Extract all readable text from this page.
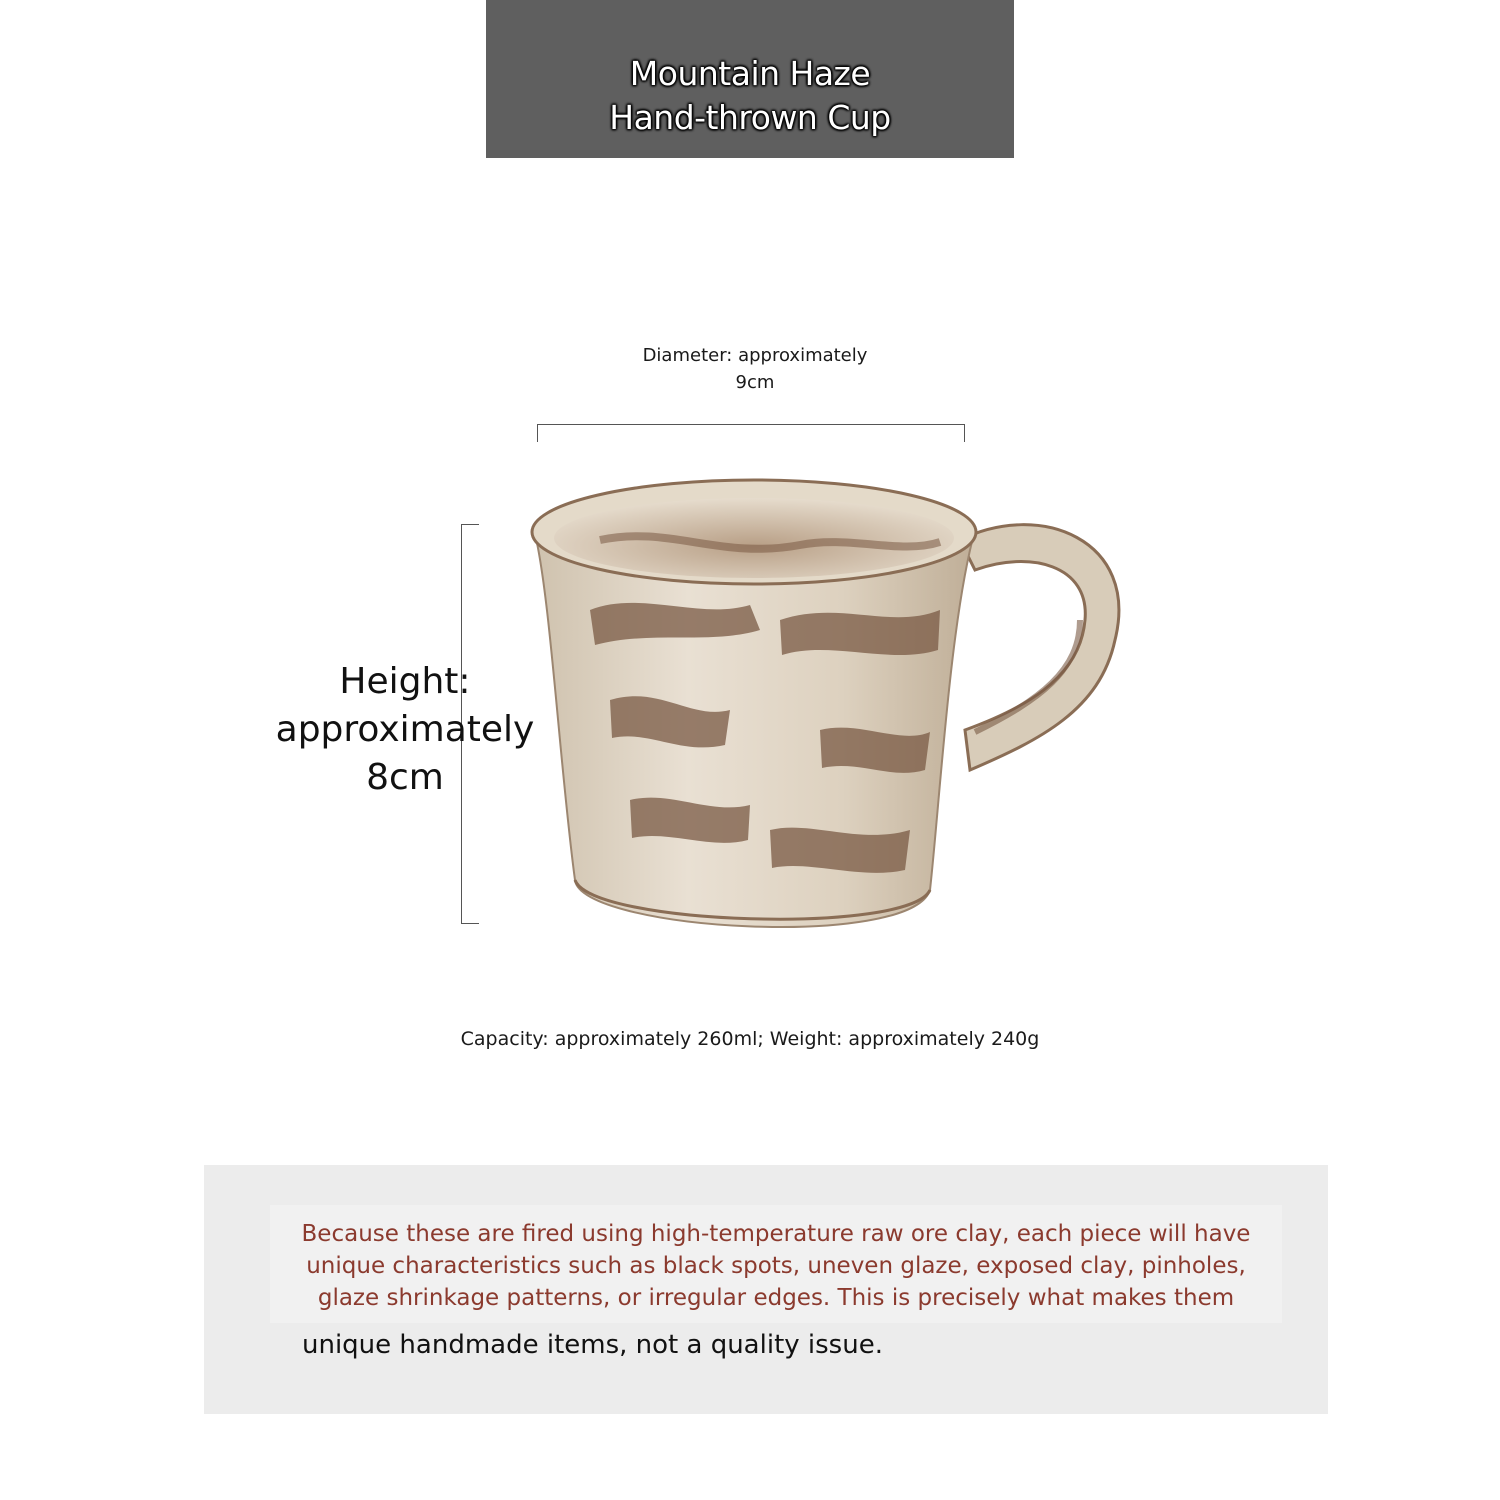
Mountain Haze
Hand-thrown Cup
Diameter: approximately
9cm
Height:
approximately
8cm
Capacity: approximately 260ml; Weight: approximately 240g
Because these are fired using high-temperature raw ore clay, each piece will have unique characteristics such as black spots, uneven glaze, exposed clay, pinholes, glaze shrinkage patterns, or irregular edges. This is precisely what makes them
unique handmade items, not a quality issue.
